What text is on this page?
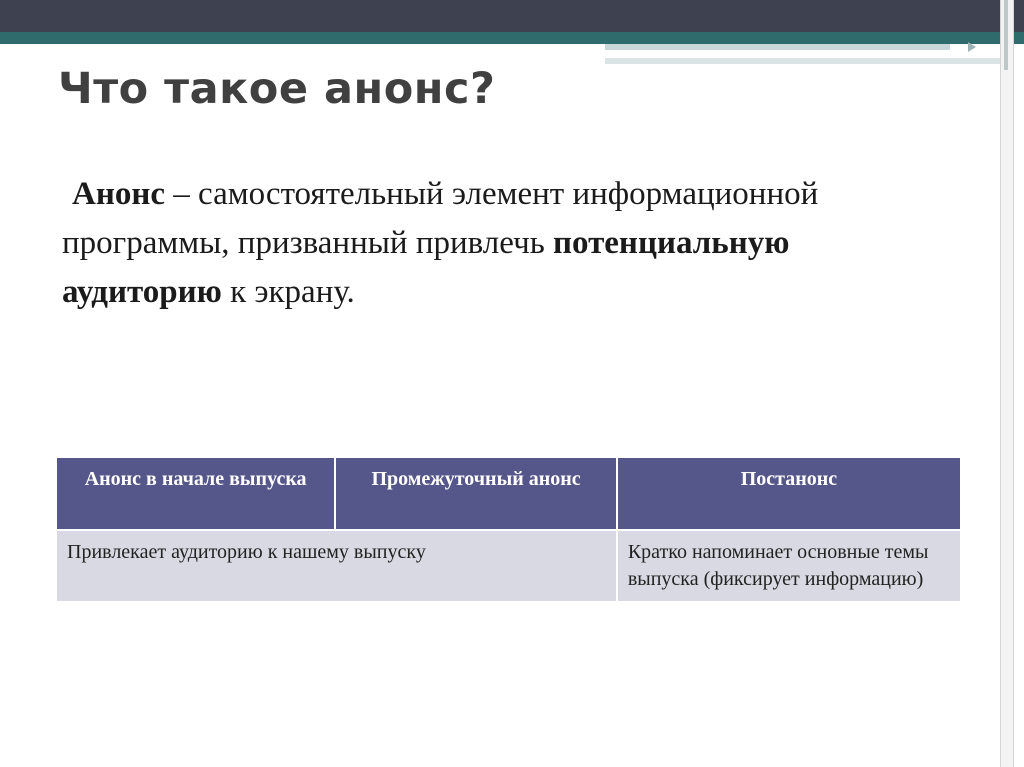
Что такое анонс?

Анонс – самостоятельный элемент информационной программы, призванный привлечь потенциальную аудиторию к экрану.

Анонс в начале выпуска	Промежуточный анонс	Постанонс
Привлекает аудиторию к нашему выпуску		Кратко напоминает основные темы выпуска (фиксирует информацию)
